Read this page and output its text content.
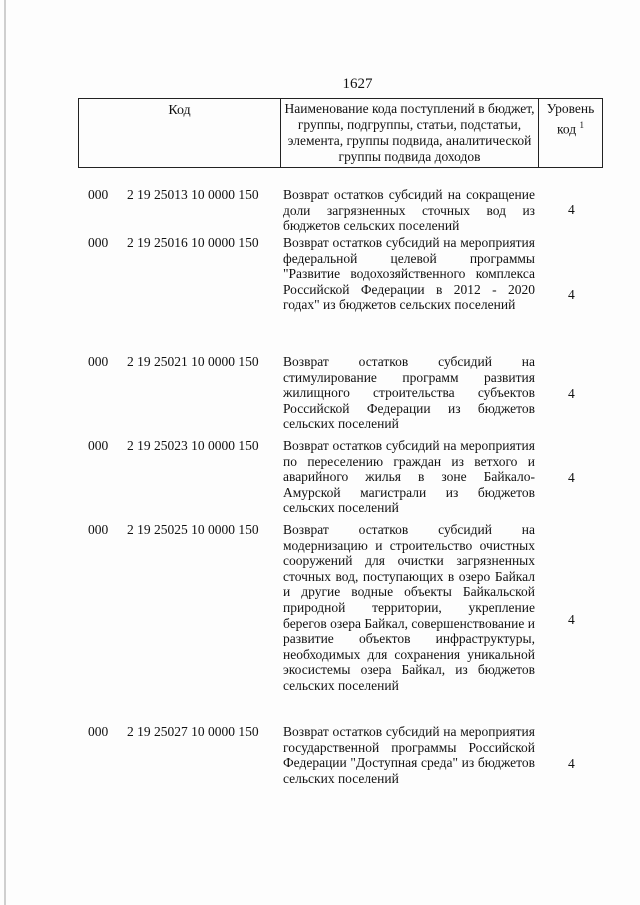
1627
Код	Наименование кода поступлений в бюджет, группы, подгруппы, статьи, подстатьи, элемента, группы подвида, аналитической группы подвида доходов
Уровень код $^1$
000 2 19 25013 10 0000 150 Возврат остатков субсидий на сокращение доли загрязненных сточных вод из бюджетов сельских поселений
4
000 2 19 25016 10 0000 150 Возврат остатков субсидий на мероприятия федеральной целевой программы "Развитие водохозяйственного комплекса Российской Федерации в 2012 - 2020 годах" из бюджетов сельских поселений
4
000 2 19 25021 10 0000 150 Возврат остатков субсидий на стимулирование программ развития жилищного строительства субъектов Российской Федерации из бюджетов сельских поселений
4
000 2 19 25023 10 0000 150 Возврат остатков субсидий на мероприятия по переселению граждан из ветхого и аварийного жилья в зоне Байкало-Амурской магистрали из бюджетов сельских поселений
4
000 2 19 25025 10 0000 150 Возврат остатков субсидий на модернизацию и строительство очистных сооружений для очистки загрязненных сточных вод, поступающих в озеро Байкал и другие водные объекты Байкальской природной территории, укрепление берегов озера Байкал, совершенствование и развитие объектов инфраструктуры, необходимых для сохранения уникальной экосистемы озера Байкал, из бюджетов сельских поселений
4
000 2 19 25027 10 0000 150 Возврат остатков субсидий на мероприятия государственной программы Российской Федерации "Доступная среда" из бюджетов сельских поселений
4
